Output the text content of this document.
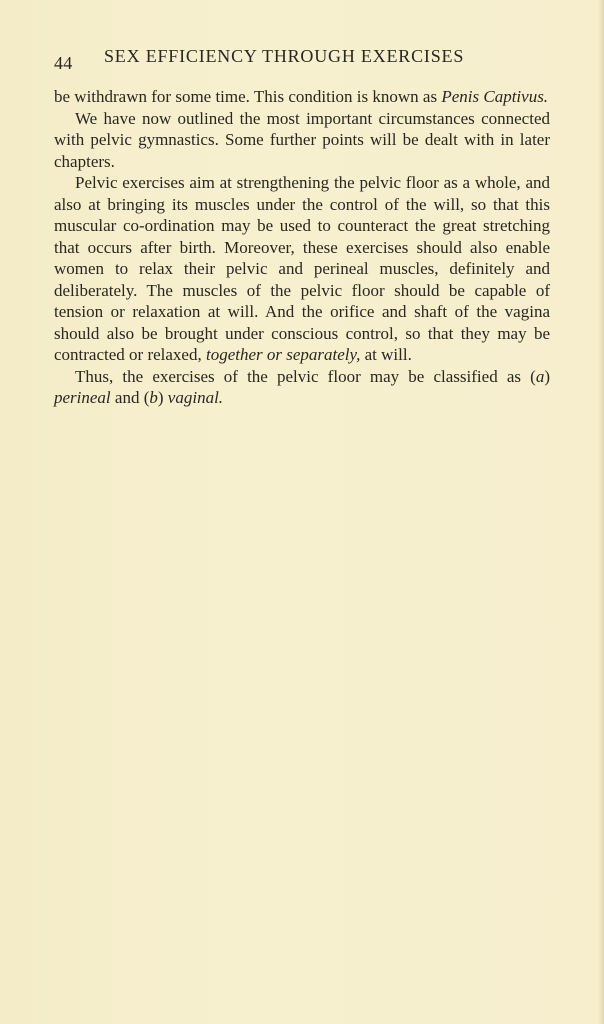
44 SEX EFFICIENCY THROUGH EXERCISES

be withdrawn for some time. This condition is known as Penis Captivus.

We have now outlined the most important circumstances connected with pelvic gymnastics. Some further points will be dealt with in later chapters.

Pelvic exercises aim at strengthening the pelvic floor as a whole, and also at bringing its muscles under the control of the will, so that this muscular co-ordination may be used to counteract the great stretching that occurs after birth. Moreover, these exercises should also enable women to relax their pelvic and perineal muscles, definitely and deliberately. The muscles of the pelvic floor should be capable of tension or relaxation at will. And the orifice and shaft of the vagina should also be brought under conscious control, so that they may be contracted or relaxed, together or separately, at will.

Thus, the exercises of the pelvic floor may be classified as (a) perineal and (b) vaginal.
